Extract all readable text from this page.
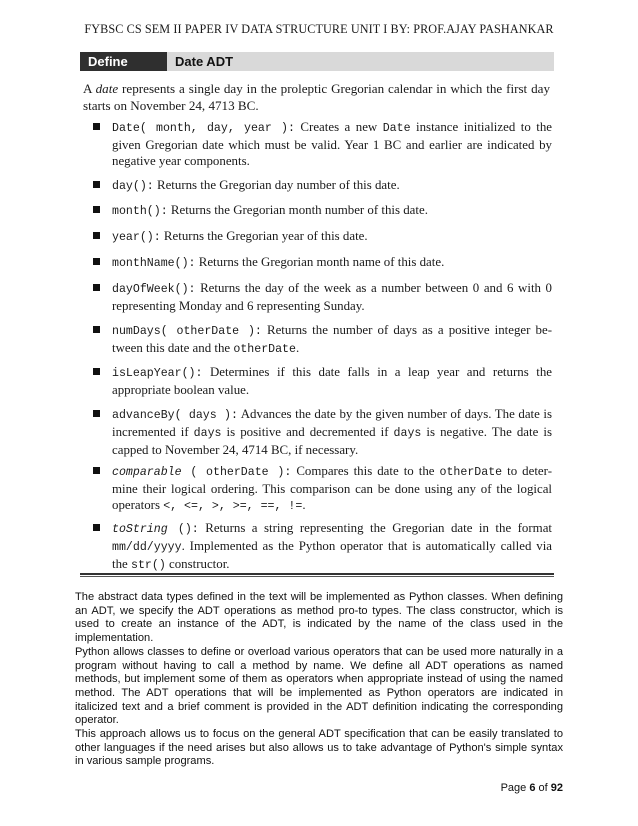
FYBSC CS SEM II PAPER IV DATA STRUCTURE UNIT I BY: PROF.AJAY PASHANKAR
Define	Date ADT
A date represents a single day in the proleptic Gregorian calendar in which the first day starts on November 24, 4713 BC.
Date( month, day, year ): Creates a new Date instance initialized to the given Gregorian date which must be valid. Year 1 BC and earlier are indicated by negative year components.
day(): Returns the Gregorian day number of this date.
month(): Returns the Gregorian month number of this date.
year(): Returns the Gregorian year of this date.
monthName(): Returns the Gregorian month name of this date.
dayOfWeek(): Returns the day of the week as a number between 0 and 6 with 0 representing Monday and 6 representing Sunday.
numDays( otherDate ): Returns the number of days as a positive integer be- tween this date and the otherDate.
isLeapYear(): Determines if this date falls in a leap year and returns the appropriate boolean value.
advanceBy( days ): Advances the date by the given number of days. The date is incremented if days is positive and decremented if days is negative. The date is capped to November 24, 4714 BC, if necessary.
comparable ( otherDate ): Compares this date to the otherDate to deter- mine their logical ordering. This comparison can be done using any of the logical operators <, <=, >, >=, ==, !=.
toString (): Returns a string representing the Gregorian date in the format mm/dd/yyyy. Implemented as the Python operator that is automatically called via the str() constructor.

The abstract data types defined in the text will be implemented as Python classes. When defining an ADT, we specify the ADT operations as method pro-to types. The class constructor, which is used to create an instance of the ADT, is indicated by the name of the class used in the implementation.

Python allows classes to define or overload various operators that can be used more naturally in a program without having to call a method by name. We define all ADT operations as named methods, but implement some of them as operators when appropriate instead of using the named method. The ADT operations that will be implemented as Python operators are indicated in italicized text and a brief comment is provided in the ADT definition indicating the corresponding operator.

This approach allows us to focus on the general ADT specification that can be easily translated to other languages if the need arises but also allows us to take advantage of Python's simple syntax in various sample programs.

Page 6 of 92
